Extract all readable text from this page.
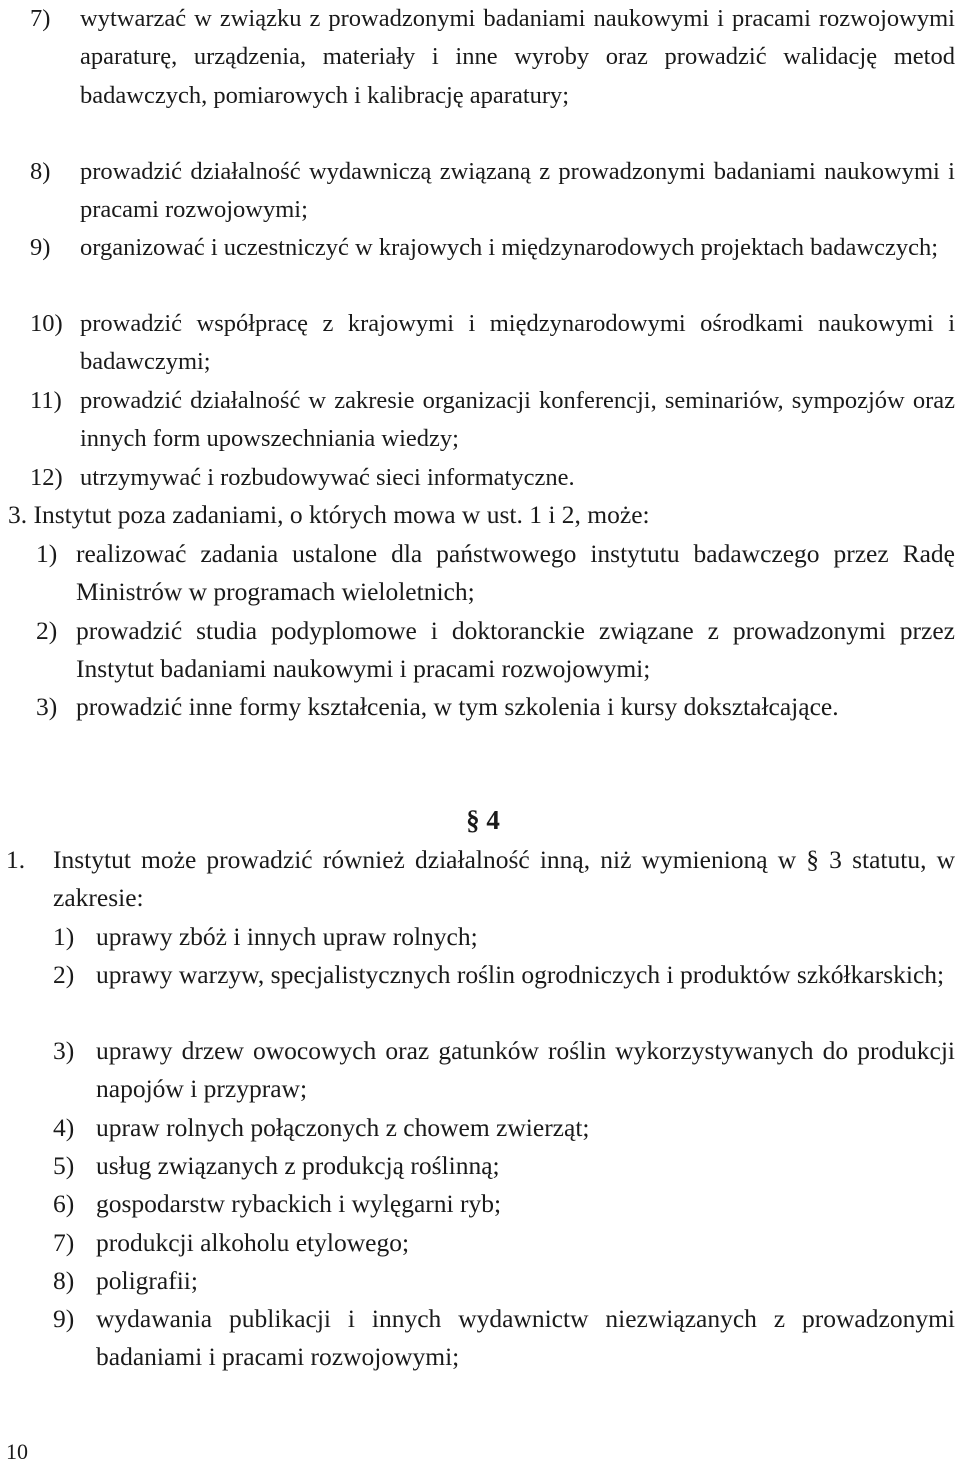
7)	wytwarzać w związku z prowadzonymi badaniami naukowymi i pracami rozwojowymi aparaturę, urządzenia, materiały i inne wyroby oraz prowadzić walidację metod badawczych, pomiarowych i kalibrację aparatury;
8)	prowadzić działalność wydawniczą związaną z prowadzonymi badaniami naukowymi i pracami rozwojowymi;
9)	organizować i uczestniczyć w krajowych i międzynarodowych projektach badawczych;
10) prowadzić współpracę z krajowymi i międzynarodowymi ośrodkami naukowymi i badawczymi;
11) prowadzić działalność w zakresie organizacji konferencji, seminariów, sympozjów oraz innych form upowszechniania wiedzy;
12) utrzymywać i rozbudowywać sieci informatyczne.
3. Instytut poza zadaniami, o których mowa w ust. 1 i 2, może:
1) realizować zadania ustalone dla państwowego instytutu badawczego przez Radę Ministrów w programach wieloletnich;
2) prowadzić studia podyplomowe i doktoranckie związane z prowadzonymi przez Instytut badaniami naukowymi i pracami rozwojowymi;
3) prowadzić inne formy kształcenia, w tym szkolenia i kursy dokształcające.
§ 4
1.	Instytut może prowadzić również działalność inną, niż wymienioną w § 3 statutu, w zakresie:
1) uprawy zbóż i innych upraw rolnych;
2) uprawy warzyw, specjalistycznych roślin ogrodniczych i produktów szkółkarskich;
3) uprawy drzew owocowych oraz gatunków roślin wykorzystywanych do produkcji napojów i przypraw;
4) upraw rolnych połączonych z chowem zwierząt;
5) usług związanych z produkcją roślinną;
6) gospodarstw rybackich i wylęgarni ryb;
7) produkcji alkoholu etylowego;
8) poligrafii;
9) wydawania publikacji i innych wydawnictw niezwiązanych z prowadzonymi badaniami i pracami rozwojowymi;
10
